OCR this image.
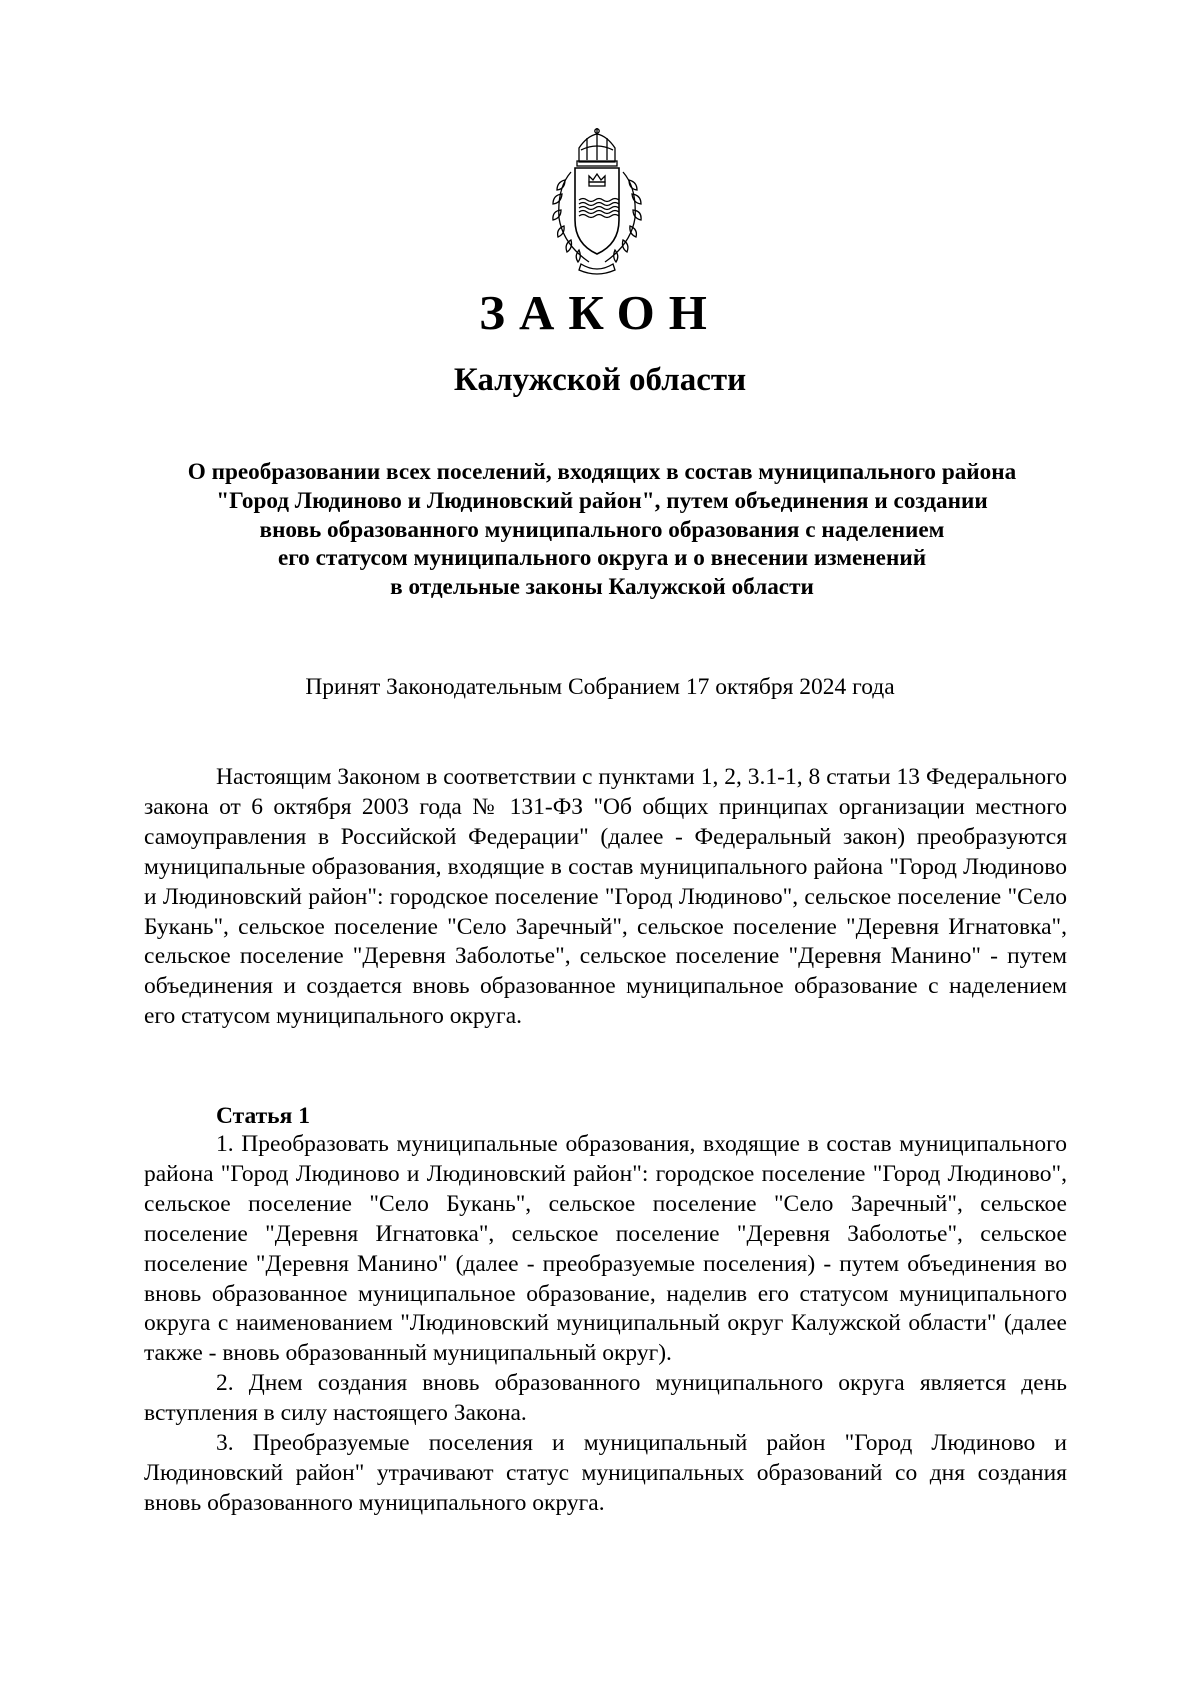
ЗАКОН
Калужской области
О преобразовании всех поселений, входящих в состав муниципального района
"Город Людиново и Людиновский район", путем объединения и создании
вновь образованного муниципального образования с наделением
его статусом муниципального округа и о внесении изменений
в отдельные законы Калужской области
Принят Законодательным Собранием 17 октября 2024 года

Настоящим Законом в соответствии с пунктами 1, 2, 3.1-1, 8 статьи 13 Федерального закона от 6 октября 2003 года № 131-ФЗ "Об общих принципах организации местного самоуправления в Российской Федерации" (далее - Федеральный закон) преобразуются муниципальные образования, входящие в состав муниципального района "Город Людиново и Людиновский район": городское поселение "Город Людиново", сельское поселение "Село Букань", сельское поселение "Село Заречный", сельское поселение "Деревня Игнатовка", сельское поселение "Деревня Заболотье", сельское поселение "Деревня Манино" - путем объединения и создается вновь образованное муниципальное образование с наделением его статусом муниципального округа.

Статья 1

1. Преобразовать муниципальные образования, входящие в состав муниципального района "Город Людиново и Людиновский район": городское поселение "Город Людиново", сельское поселение "Село Букань", сельское поселение "Село Заречный", сельское поселение "Деревня Игнатовка", сельское поселение "Деревня Заболотье", сельское поселение "Деревня Манино" (далее - преобразуемые поселения) - путем объединения во вновь образованное муниципальное образование, наделив его статусом муниципального округа с наименованием "Людиновский муниципальный округ Калужской области" (далее также - вновь образованный муниципальный округ).

2. Днем создания вновь образованного муниципального округа является день вступления в силу настоящего Закона.

3. Преобразуемые поселения и муниципальный район "Город Людиново и Людиновский район" утрачивают статус муниципальных образований со дня создания вновь образованного муниципального округа.
